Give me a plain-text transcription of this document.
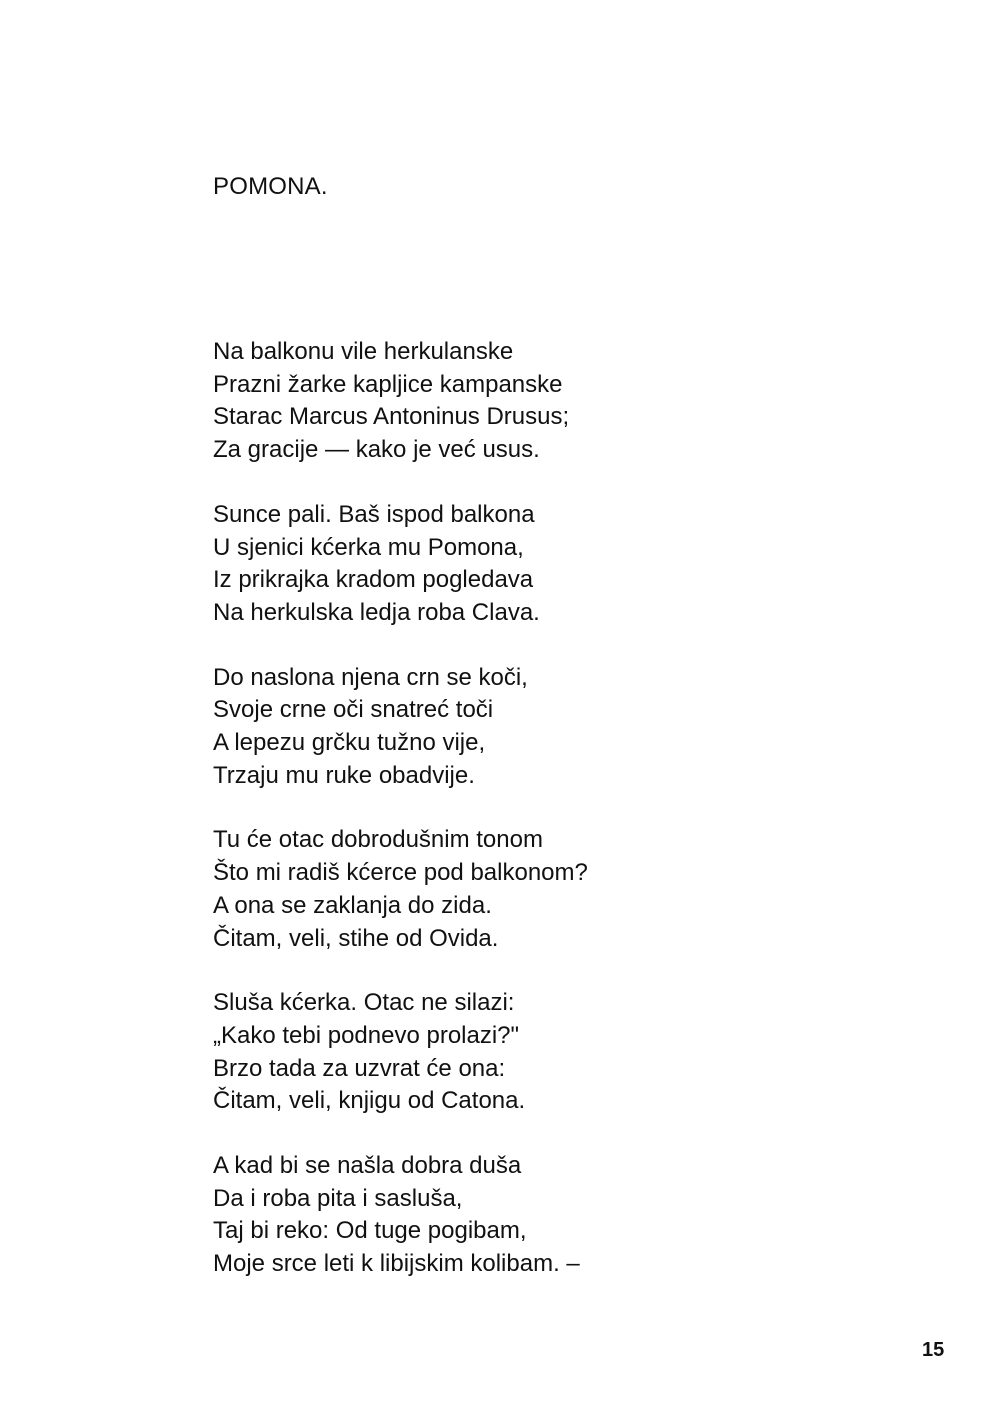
POMONA.
Na balkonu vile herkulanske
Prazni žarke kapljice kampanske
Starac Marcus Antoninus Drusus;
Za gracije — kako je već usus.
Sunce pali. Baš ispod balkona
U sjenici kćerka mu Pomona,
Iz prikrajka kradom pogledava
Na herkulska ledja roba Clava.
Do naslona njena crn se koči,
Svoje crne oči snatreć toči
A lepezu grčku tužno vije,
Trzaju mu ruke obadvije.
Tu će otac dobrodušnim tonom
Što mi radiš kćerce pod balkonom?
A ona se zaklanja do zida.
Čitam, veli, stihe od Ovida.
Sluša kćerka. Otac ne silazi:
„Kako tebi podnevo prolazi?"
Brzo tada za uzvrat će ona:
Čitam, veli, knjigu od Catona.
A kad bi se našla dobra duša
Da i roba pita i sasluša,
Taj bi reko: Od tuge pogibam,
Moje srce leti k libijskim kolibam. –
15
